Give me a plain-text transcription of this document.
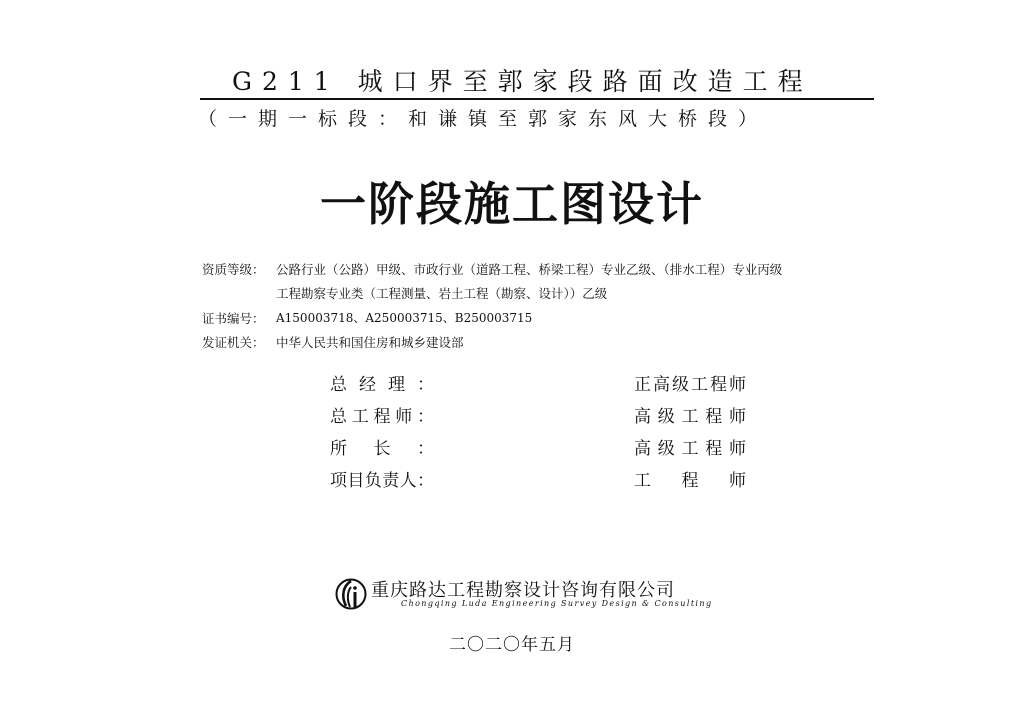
G211 城口界至郭家段路面改造工程
（一期一标段：和谦镇至郭家东风大桥段）
一阶段施工图设计
资质等级： 公路行业（公路）甲级、市政行业（道路工程、桥梁工程）专业乙级、（排水工程）专业丙级
工程勘察专业类（工程测量、岩土工程（勘察、设计））乙级
证书编号： A150003718、A250003715、B250003715
发证机关： 中华人民共和国住房和城乡建设部
总经理：	正高级工程师
总工程师：	高级工程师
所长：	高级工程师
项目负责人：	工程师
重庆路达工程勘察设计咨询有限公司
Chongqing Luda Engineering Survey Design & Consulting
二〇二〇年五月
